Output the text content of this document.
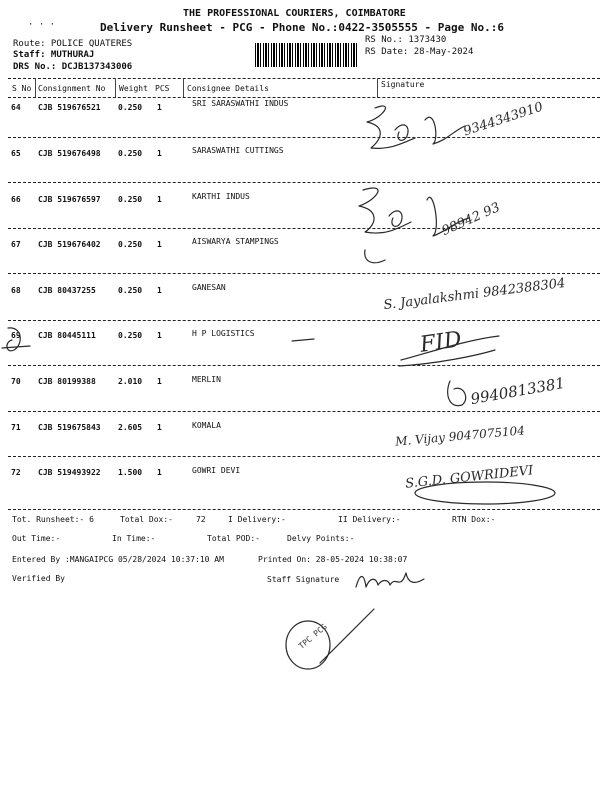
THE PROFESSIONAL COURIERS, COIMBATORE
· · ·	Delivery Runsheet - PCG - Phone No.:0422-3505555 - Page No.:6
Route: POLICE QUATERES
Staff: MUTHURAJ
DRS No.: DCJB137343006
RS No.: 1373430
RS Date: 28-May-2024
S No Consignment No Weight PCS Consignee Details	Signature
64 CJB 519676521 0.250 1	SRI SARASWATHI INDUS
65 CJB 519676498 0.250 1	SARASWATHI CUTTINGS
66 CJB 519676597 0.250 1	KARTHI INDUS
67 CJB 519676402 0.250 1	AISWARYA STAMPINGS
68 CJB 80437255	0.250 1	GANESAN
69 CJB 80445111	0.250 1	H P LOGISTICS
70 CJB 80199388	2.010 1	MERLIN
71 CJB 519675843 2.605 1	KOMALA
72 CJB 519493922 1.500 1	GOWRI DEVI
9344343910
98942 93
S. Jayalakshmi 9842388304
FID
9940813381
M. Vijay 9047075104
S.G.D. GOWRIDEVI
Tot. Runsheet:- 6	Total Dox:-	72	I Delivery:-	II Delivery:-	RTN Dox:-
Out Time:-	In Time:-	Total POD:-	Delvy Points:-
Entered By :MANGAIPCG 05/28/2024 10:37:10 AM	Printed On: 28-05-2024 10:38:07
Verified By	Staff Signature
TPC PCG
